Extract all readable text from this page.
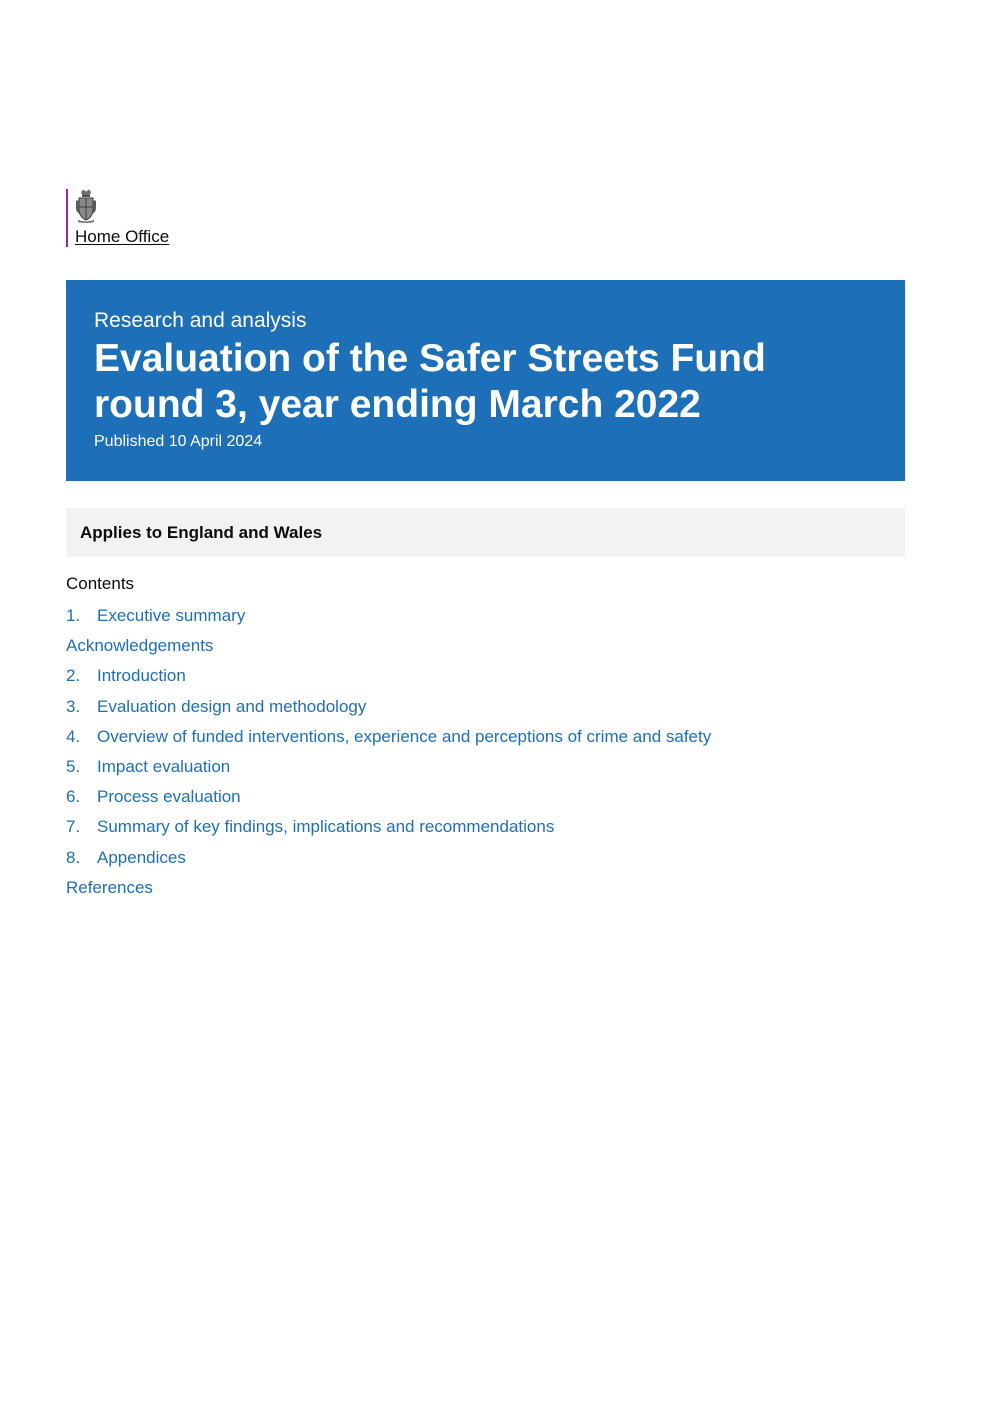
Home Office

Research and analysis

Evaluation of the Safer Streets Fund round 3, year ending March 2022
Published 10 April 2024
Applies to England and Wales
Contents
1. Executive summary
Acknowledgements
2. Introduction
3. Evaluation design and methodology
4. Overview of funded interventions, experience and perceptions of crime and safety
5. Impact evaluation
6. Process evaluation
7. Summary of key findings, implications and recommendations
8. Appendices
References
